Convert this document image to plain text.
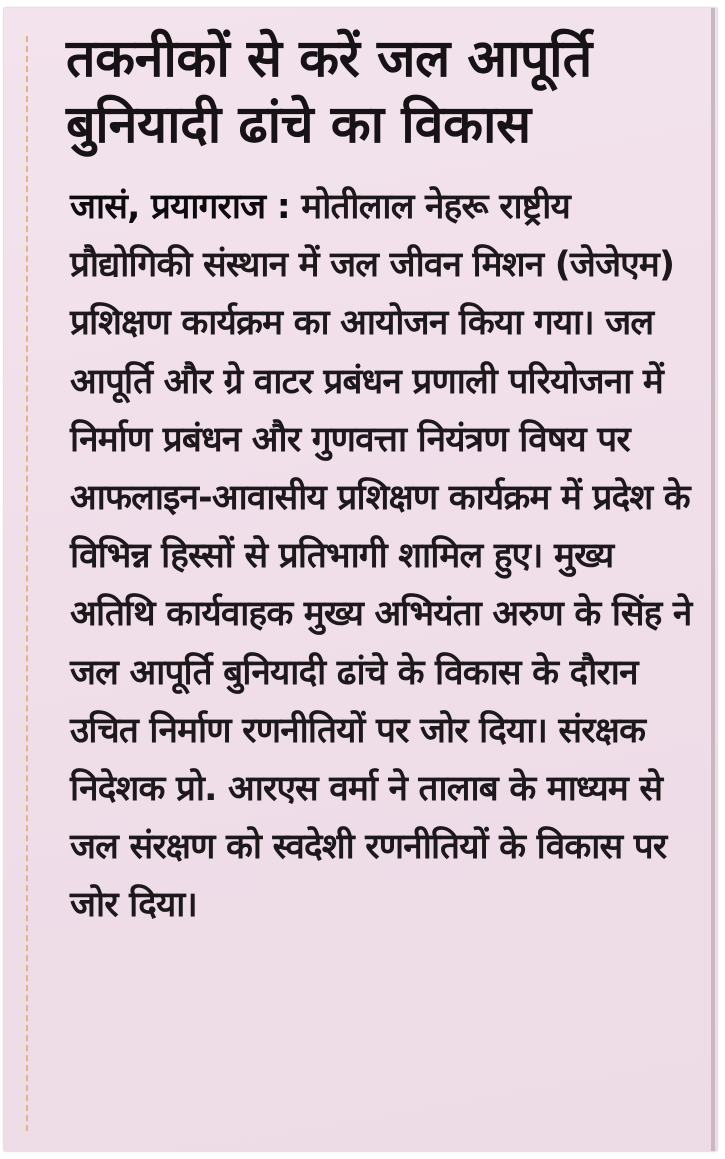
तकनीकों से करें जल आपूर्ति बुनियादी ढांचे का विकास

जासं, प्रयागराज : मोतीलाल नेहरू राष्ट्रीय प्रौद्योगिकी संस्थान में जल जीवन मिशन (जेजेएम) प्रशिक्षण कार्यक्रम का आयोजन किया गया। जल आपूर्ति और ग्रे वाटर प्रबंधन प्रणाली परियोजना में निर्माण प्रबंधन और गुणवत्ता नियंत्रण विषय पर आफलाइन-आवासीय प्रशिक्षण कार्यक्रम में प्रदेश के विभिन्न हिस्सों से प्रतिभागी शामिल हुए। मुख्य अतिथि कार्यवाहक मुख्य अभियंता अरुण के सिंह ने जल आपूर्ति बुनियादी ढांचे के विकास के दौरान उचित निर्माण रणनीतियों पर जोर दिया। संरक्षक निदेशक प्रो. आरएस वर्मा ने तालाब के माध्यम से जल संरक्षण को स्वदेशी रणनीतियों के विकास पर जोर दिया।
